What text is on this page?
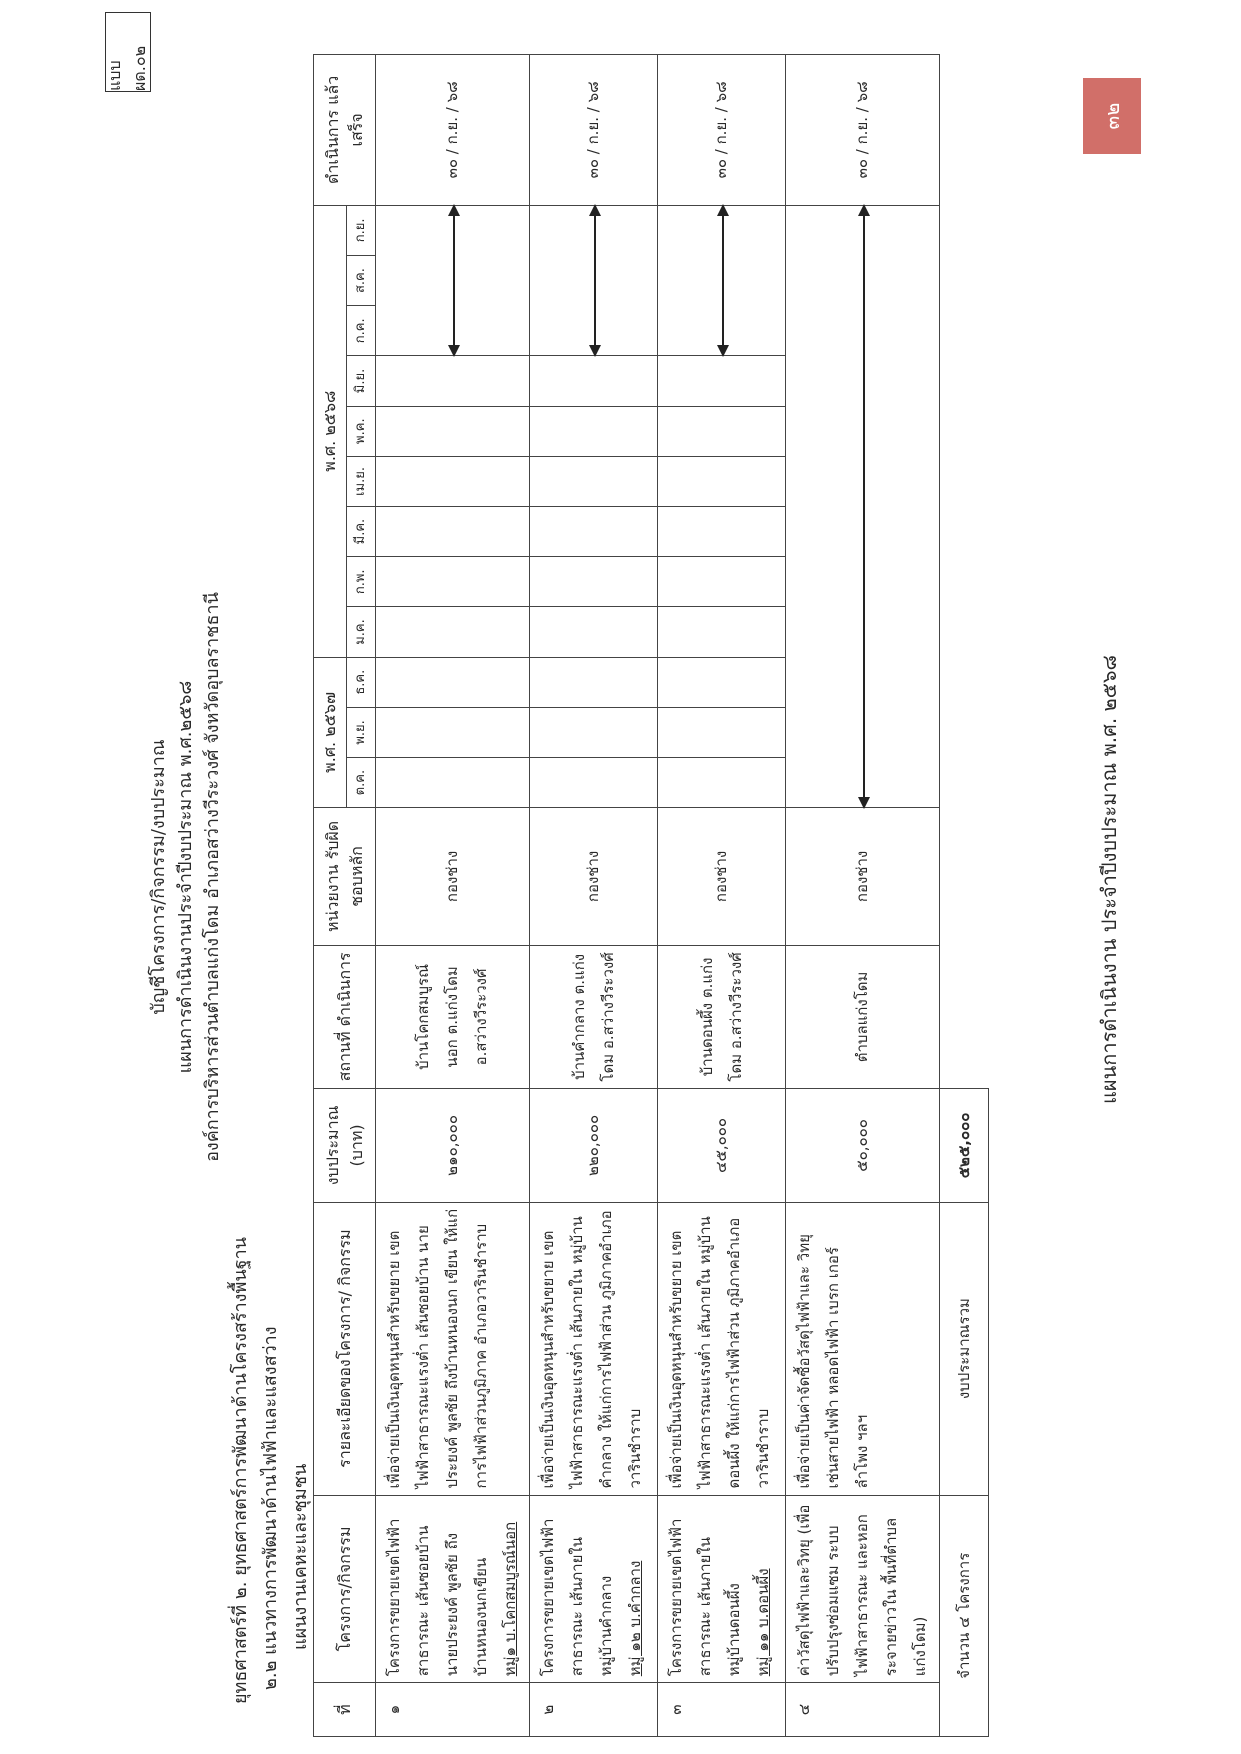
แบบ ผด.๐๒
บัญชีโครงการ/กิจกรรม/งบประมาณ แผนการดำเนินงานประจำปีงบประมาณ พ.ศ.๒๕๖๘ องค์การบริหารส่วนตำบลแก่งโดม อำเภอสว่างวีระวงศ์ จังหวัดอุบลราชธานี
ยุทธศาสตร์ที่ ๒. ยุทธศาสตร์การพัฒนาด้านโครงสร้างพื้นฐาน ๒.๒ แนวทางการพัฒนาด้านไฟฟ้าและแสงสว่าง แผนงานเคหะและชุมชน
ที่	โครงการ/กิจกรรม	รายละเอียดของโครงการ/ กิจกรรม	งบประมาณ (บาท)	สถานที่ ดำเนินการ	หน่วยงาน รับผิดชอบหลัก	พ.ศ. ๒๕๖๗			พ.ศ. ๒๕๖๘									ดำเนินการ แล้วเสร็จ
						ต.ค.	พ.ย.	ธ.ค.	ม.ค.	ก.พ.	มี.ค.	เม.ย.	พ.ค.	มิ.ย.	ก.ค.	ส.ค.	ก.ย.	
๑	โครงการขยายเขตไฟฟ้า สาธารณะ เส้นซอยบ้าน นายประยงค์ พูลชัย ถึง บ้านหนองนกเขียน หมู่๑ บ.โคกสมบูรณ์นอก	เพื่อจ่ายเป็นเงินอุดหนุนสำหรับขยาย เขตไฟฟ้าสาธารณะแรงต่ำ เส้นซอยบ้าน นายประยงค์ พูลชัย ถึงบ้านหนองนก เขียน ให้แก่การไฟฟ้าส่วนภูมิภาค อำเภอวารินชำราบ	๒๑๐,๐๐๐	บ้านโคกสมบูรณ์ นอก ต.แก่งโดม อ.สว่างวีระวงศ์	กองช่าง													๓๐ / ก.ย. / ๖๘
๒	โครงการขยายเขตไฟฟ้า สาธารณะ เส้นภายใน หมู่บ้านคำกลาง หมู่ ๑๒ บ.คำกลาง	เพื่อจ่ายเป็นเงินอุดหนุนสำหรับขยาย เขตไฟฟ้าสาธารณะแรงต่ำ เส้นภายใน หมู่บ้านคำกลาง ให้แก่การไฟฟ้าส่วน ภูมิภาคอำเภอวารินชำราบ	๒๒๐,๐๐๐	บ้านคำกลาง ต.แก่งโดม อ.สว่างวีระวงศ์	กองช่าง													๓๐ / ก.ย. / ๖๘
๓	โครงการขยายเขตไฟฟ้า สาธารณะ เส้นภายใน หมู่บ้านดอนผึ้ง หมู่ ๑๑ บ.ดอนผึ้ง	เพื่อจ่ายเป็นเงินอุดหนุนสำหรับขยาย เขตไฟฟ้าสาธารณะแรงต่ำ เส้นภายใน หมู่บ้านดอนผึ้ง ให้แก่การไฟฟ้าส่วน ภูมิภาคอำเภอวารินชำราบ	๔๕,๐๐๐	บ้านดอนผึ้ง ต.แก่งโดม อ.สว่างวีระวงศ์	กองช่าง													๓๐ / ก.ย. / ๖๘
๔	ค่าวัสดุไฟฟ้าและวิทยุ (เพื่อปรับปรุงซ่อมแซม ระบบไฟฟ้าสาธารณะ และหอกระจายข่าวใน พื้นที่ตำบลแก่งโดม)	เพื่อจ่ายเป็นค่าจัดซื้อวัสดุไฟฟ้าและ วิทยุ เช่นสายไฟฟ้า หลอดไฟฟ้า เบรก เกอร์ ลำโพง ฯลฯ	๕๐,๐๐๐	ตำบลแก่งโดม	กองช่าง													๓๐ / ก.ย. / ๖๘
จำนวน ๔ โครงการ		งบประมาณรวม	๕๒๕,๐๐๐															
แผนการดำเนินงาน ประจำปีงบประมาณ พ.ศ. ๒๕๖๘
๓๒
